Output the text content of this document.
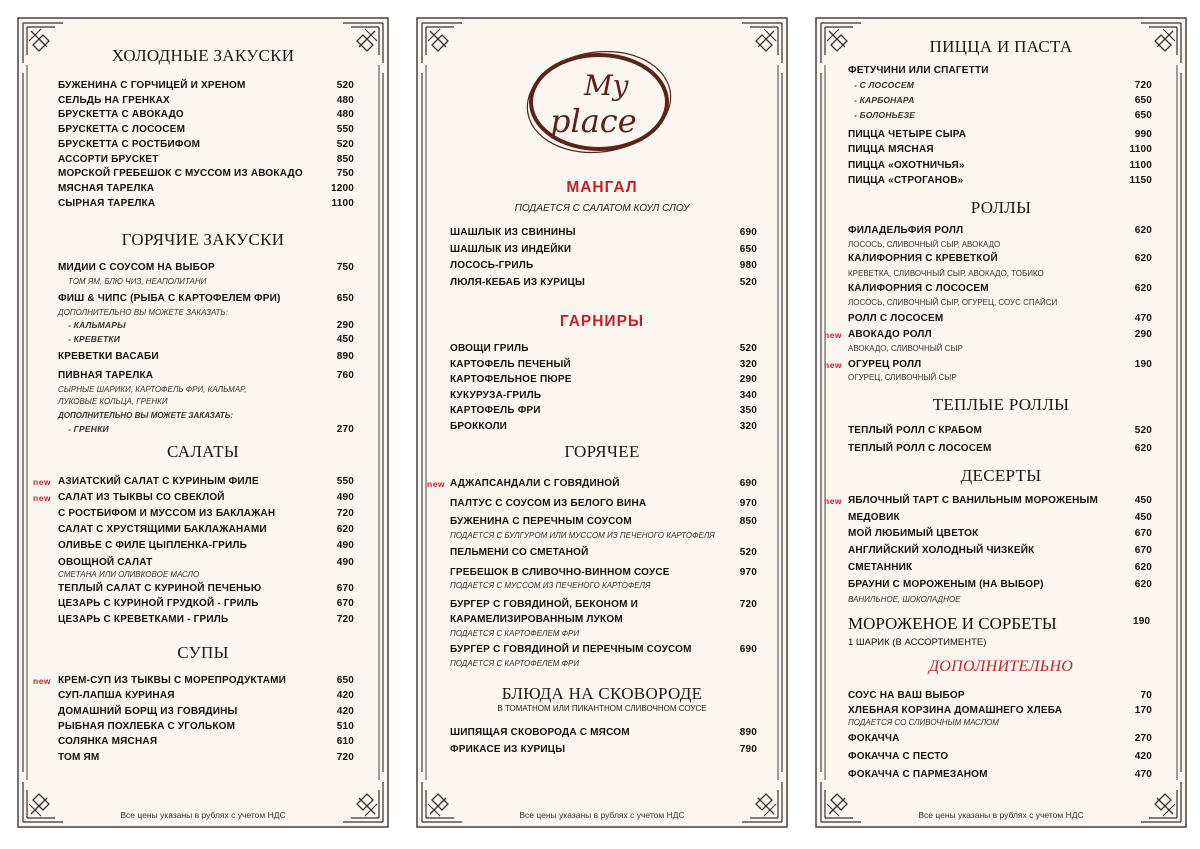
ХОЛОДНЫЕ ЗАКУСКИ
БУЖЕНИНА С ГОРЧИЦЕЙ И ХРЕНОМ	520
СЕЛЬДЬ НА ГРЕНКАХ	480
БРУСКЕТТА С АВОКАДО	480
БРУСКЕТТА С ЛОСОСЕМ	550
БРУСКЕТТА С РОСТБИФОМ	520
АССОРТИ БРУСКЕТ	850
МОРСКОЙ ГРЕБЕШОК С МУССОМ ИЗ АВОКАДО	750
МЯСНАЯ ТАРЕЛКА	1200
СЫРНАЯ ТАРЕЛКА	1100
ГОРЯЧИЕ ЗАКУСКИ
МИДИИ С СОУСОМ НА ВЫБОР	750
ТОМ ЯМ, БЛЮ ЧИЗ, НЕАПОЛИТАНИ
ФИШ & ЧИПС (РЫБА С КАРТОФЕЛЕМ ФРИ)	650
ДОПОЛНИТЕЛЬНО ВЫ МОЖЕТЕ ЗАКАЗАТЬ:
- КАЛЬМАРЫ	290
- КРЕВЕТКИ	450
КРЕВЕТКИ ВАСАБИ	890
ПИВНАЯ ТАРЕЛКА	760
СЫРНЫЕ ШАРИКИ, КАРТОФЕЛЬ ФРИ, КАЛЬМАР,
ЛУКОВЫЕ КОЛЬЦА, ГРЕНКИ
ДОПОЛНИТЕЛЬНО ВЫ МОЖЕТЕ ЗАКАЗАТЬ:
- ГРЕНКИ	270
САЛАТЫ
АЗИАТСКИЙ САЛАТ С КУРИНЫМ ФИЛЕ	550
new
САЛАТ ИЗ ТЫКВЫ СО СВЕКЛОЙ	490
new
С РОСТБИФОМ И МУССОМ ИЗ БАКЛАЖАН	720
САЛАТ С ХРУСТЯЩИМИ БАКЛАЖАНАМИ	620
ОЛИВЬЕ С ФИЛЕ ЦЫПЛЕНКА-ГРИЛЬ	490
ОВОЩНОЙ САЛАТ	490
СМЕТАНА ИЛИ ОЛИВКОВОЕ МАСЛО
ТЕПЛЫЙ САЛАТ С КУРИНОЙ ПЕЧЕНЬЮ	670
ЦЕЗАРЬ С КУРИНОЙ ГРУДКОЙ - ГРИЛЬ	670
ЦЕЗАРЬ С КРЕВЕТКАМИ - ГРИЛЬ	720
СУПЫ
КРЕМ-СУП ИЗ ТЫКВЫ С МОРЕПРОДУКТАМИ	650
new
СУП-ЛАПША КУРИНАЯ	420
ДОМАШНИЙ БОРЩ ИЗ ГОВЯДИНЫ	420
РЫБНАЯ ПОХЛЕБКА С УГОЛЬКОМ	510
СОЛЯНКА МЯСНАЯ	610
ТОМ ЯМ	720
Все цены указаны в рублях с учетом НДС
My
place
МАНГАЛ
ПОДАЕТСЯ С САЛАТОМ КОУЛ СЛОУ
ШАШЛЫК ИЗ СВИНИНЫ	690
ШАШЛЫК ИЗ ИНДЕЙКИ	650
ЛОСОСЬ-ГРИЛЬ	980
ЛЮЛЯ-КЕБАБ ИЗ КУРИЦЫ	520
ГАРНИРЫ
ОВОЩИ ГРИЛЬ	520
КАРТОФЕЛЬ ПЕЧЕНЫЙ	320
КАРТОФЕЛЬНОЕ ПЮРЕ	290
КУКУРУЗА-ГРИЛЬ	340
КАРТОФЕЛЬ ФРИ	350
БРОККОЛИ	320
ГОРЯЧЕЕ
АДЖАПСАНДАЛИ С ГОВЯДИНОЙ	690
ПАЛТУС С СОУСОМ ИЗ БЕЛОГО ВИНА	970
БУЖЕНИНА С ПЕРЕЧНЫМ СОУСОМ	850
ПОДАЕТСЯ С БУЛГУРОМ ИЛИ МУССОМ ИЗ ПЕЧЕНОГО КАРТОФЕЛЯ
ПЕЛЬМЕНИ СО СМЕТАНОЙ	520
ГРЕБЕШОК В СЛИВОЧНО-ВИННОМ СОУСЕ	970
ПОДАЕТСЯ С МУССОМ ИЗ ПЕЧЕНОГО КАРТОФЕЛЯ
БУРГЕР С ГОВЯДИНОЙ, БЕКОНОМ И	720
КАРАМЕЛИЗИРОВАННЫМ ЛУКОМ
ПОДАЕТСЯ С КАРТОФЕЛЕМ ФРИ
БУРГЕР С ГОВЯДИНОЙ И ПЕРЕЧНЫМ СОУСОМ	690
ПОДАЕТСЯ С КАРТОФЕЛЕМ ФРИ
БЛЮДА НА СКОВОРОДЕ
В ТОМАТНОМ ИЛИ ПИКАНТНОМ СЛИВОЧНОМ СОУСЕ
ШИПЯЩАЯ СКОВОРОДА С МЯСОМ	890
ФРИКАСЕ ИЗ КУРИЦЫ	790
Все цены указаны в рублях с учетом НДС
new
ПИЦЦА И ПАСТА
ФЕТУЧИНИ ИЛИ СПАГЕТТИ
- С ЛОСОСЕМ	720
- КАРБОНАРА	650
- БОЛОНЬЕЗЕ	650
ПИЦЦА ЧЕТЫРЕ СЫРА	990
ПИЦЦА МЯСНАЯ	1100
ПИЦЦА «ОХОТНИЧЬЯ»	1100
ПИЦЦА «СТРОГАНОВ»	1150
РОЛЛЫ
ФИЛАДЕЛЬФИЯ РОЛЛ	620
ЛОСОСЬ, СЛИВОЧНЫЙ СЫР, АВОКАДО
КАЛИФОРНИЯ С КРЕВЕТКОЙ	620
КРЕВЕТКА, СЛИВОЧНЫЙ СЫР, АВОКАДО, ТОБИКО
КАЛИФОРНИЯ С ЛОСОСЕМ	620
ЛОСОСЬ, СЛИВОЧНЫЙ СЫР, ОГУРЕЦ, СОУС СПАЙСИ
РОЛЛ С ЛОСОСЕМ	470
new АВОКАДО РОЛЛ	290
АВОКАДО, СЛИВОЧНЫЙ СЫР
new ОГУРЕЦ РОЛЛ	190
ОГУРЕЦ, СЛИВОЧНЫЙ СЫР
ТЕПЛЫЕ РОЛЛЫ
ТЕПЛЫЙ РОЛЛ С КРАБОМ	520
ТЕПЛЫЙ РОЛЛ С ЛОСОСЕМ	620
ДЕСЕРТЫ
ЯБЛОЧНЫЙ ТАРТ С ВАНИЛЬНЫМ МОРОЖЕНЫМ	450
new
МЕДОВИК	450
МОЙ ЛЮБИМЫЙ ЦВЕТОК	670
АНГЛИЙСКИЙ ХОЛОДНЫЙ ЧИЗКЕЙК	670
СМЕТАННИК	620
БРАУНИ С МОРОЖЕНЫМ (НА ВЫБОР)	620
ВАНИЛЬНОЕ, ШОКОЛАДНОЕ
МОРОЖЕНОЕ И СОРБЕТЫ	190
1 ШАРИК (В АССОРТИМЕНТЕ)
ДОПОЛНИТЕЛЬНО
СОУС НА ВАШ ВЫБОР	70
ХЛЕБНАЯ КОРЗИНА ДОМАШНЕГО ХЛЕБА	170
ПОДАЕТСЯ СО СЛИВОЧНЫМ МАСЛОМ
ФОКАЧЧА	270
ФОКАЧЧА С ПЕСТО	420
ФОКАЧЧА С ПАРМЕЗАНОМ	470
Все цены указаны в рублях с учетом НДС
